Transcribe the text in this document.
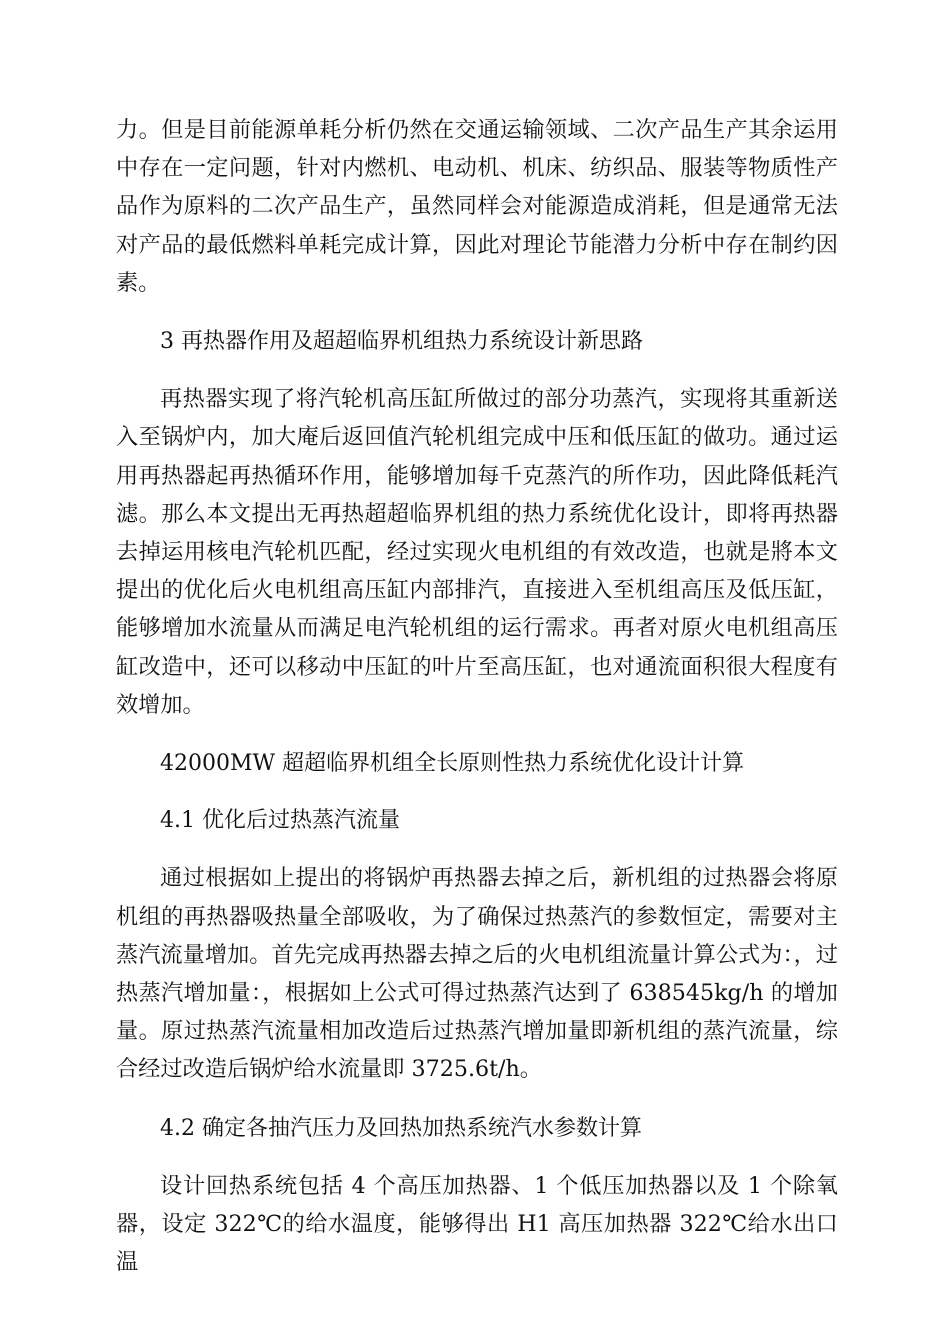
力。但是目前能源单耗分析仍然在交通运输领域、二次产品生产其余运用中存在一定问题，针对内燃机、电动机、机床、纺织品、服装等物质性产品作为原料的二次产品生产，虽然同样会对能源造成消耗，但是通常无法对产品的最低燃料单耗完成计算，因此对理论节能潜力分析中存在制约因素。

3 再热器作用及超超临界机组热力系统设计新思路

再热器实现了将汽轮机高压缸所做过的部分功蒸汽，实现将其重新送入至锅炉内，加大庵后返回值汽轮机组完成中压和低压缸的做功。通过运用再热器起再热循环作用，能够增加每千克蒸汽的所作功，因此降低耗汽滤。那么本文提出无再热超超临界机组的热力系统优化设计，即将再热器去掉运用核电汽轮机匹配，经过实现火电机组的有效改造，也就是將本文提出的优化后火电机组高压缸内部排汽，直接进入至机组高压及低压缸，能够增加水流量从而满足电汽轮机组的运行需求。再者对原火电机组高压缸改造中，还可以移动中压缸的叶片至高压缸，也对通流面积很大程度有效增加。

42000MW 超超临界机组全长原则性热力系统优化设计计算

4.1 优化后过热蒸汽流量

通过根据如上提出的将锅炉再热器去掉之后，新机组的过热器会将原机组的再热器吸热量全部吸收，为了确保过热蒸汽的参数恒定，需要对主蒸汽流量增加。首先完成再热器去掉之后的火电机组流量计算公式为：，过热蒸汽增加量：，根据如上公式可得过热蒸汽达到了 638545kg/h 的增加量。原过热蒸汽流量相加改造后过热蒸汽增加量即新机组的蒸汽流量，综合经过改造后锅炉给水流量即 3725.6t/h。

4.2 确定各抽汽压力及回热加热系统汽水参数计算

设计回热系统包括 4 个高压加热器、1 个低压加热器以及 1 个除氧器，设定 322℃的给水温度，能够得出 H1 高压加热器 322℃给水出口温
